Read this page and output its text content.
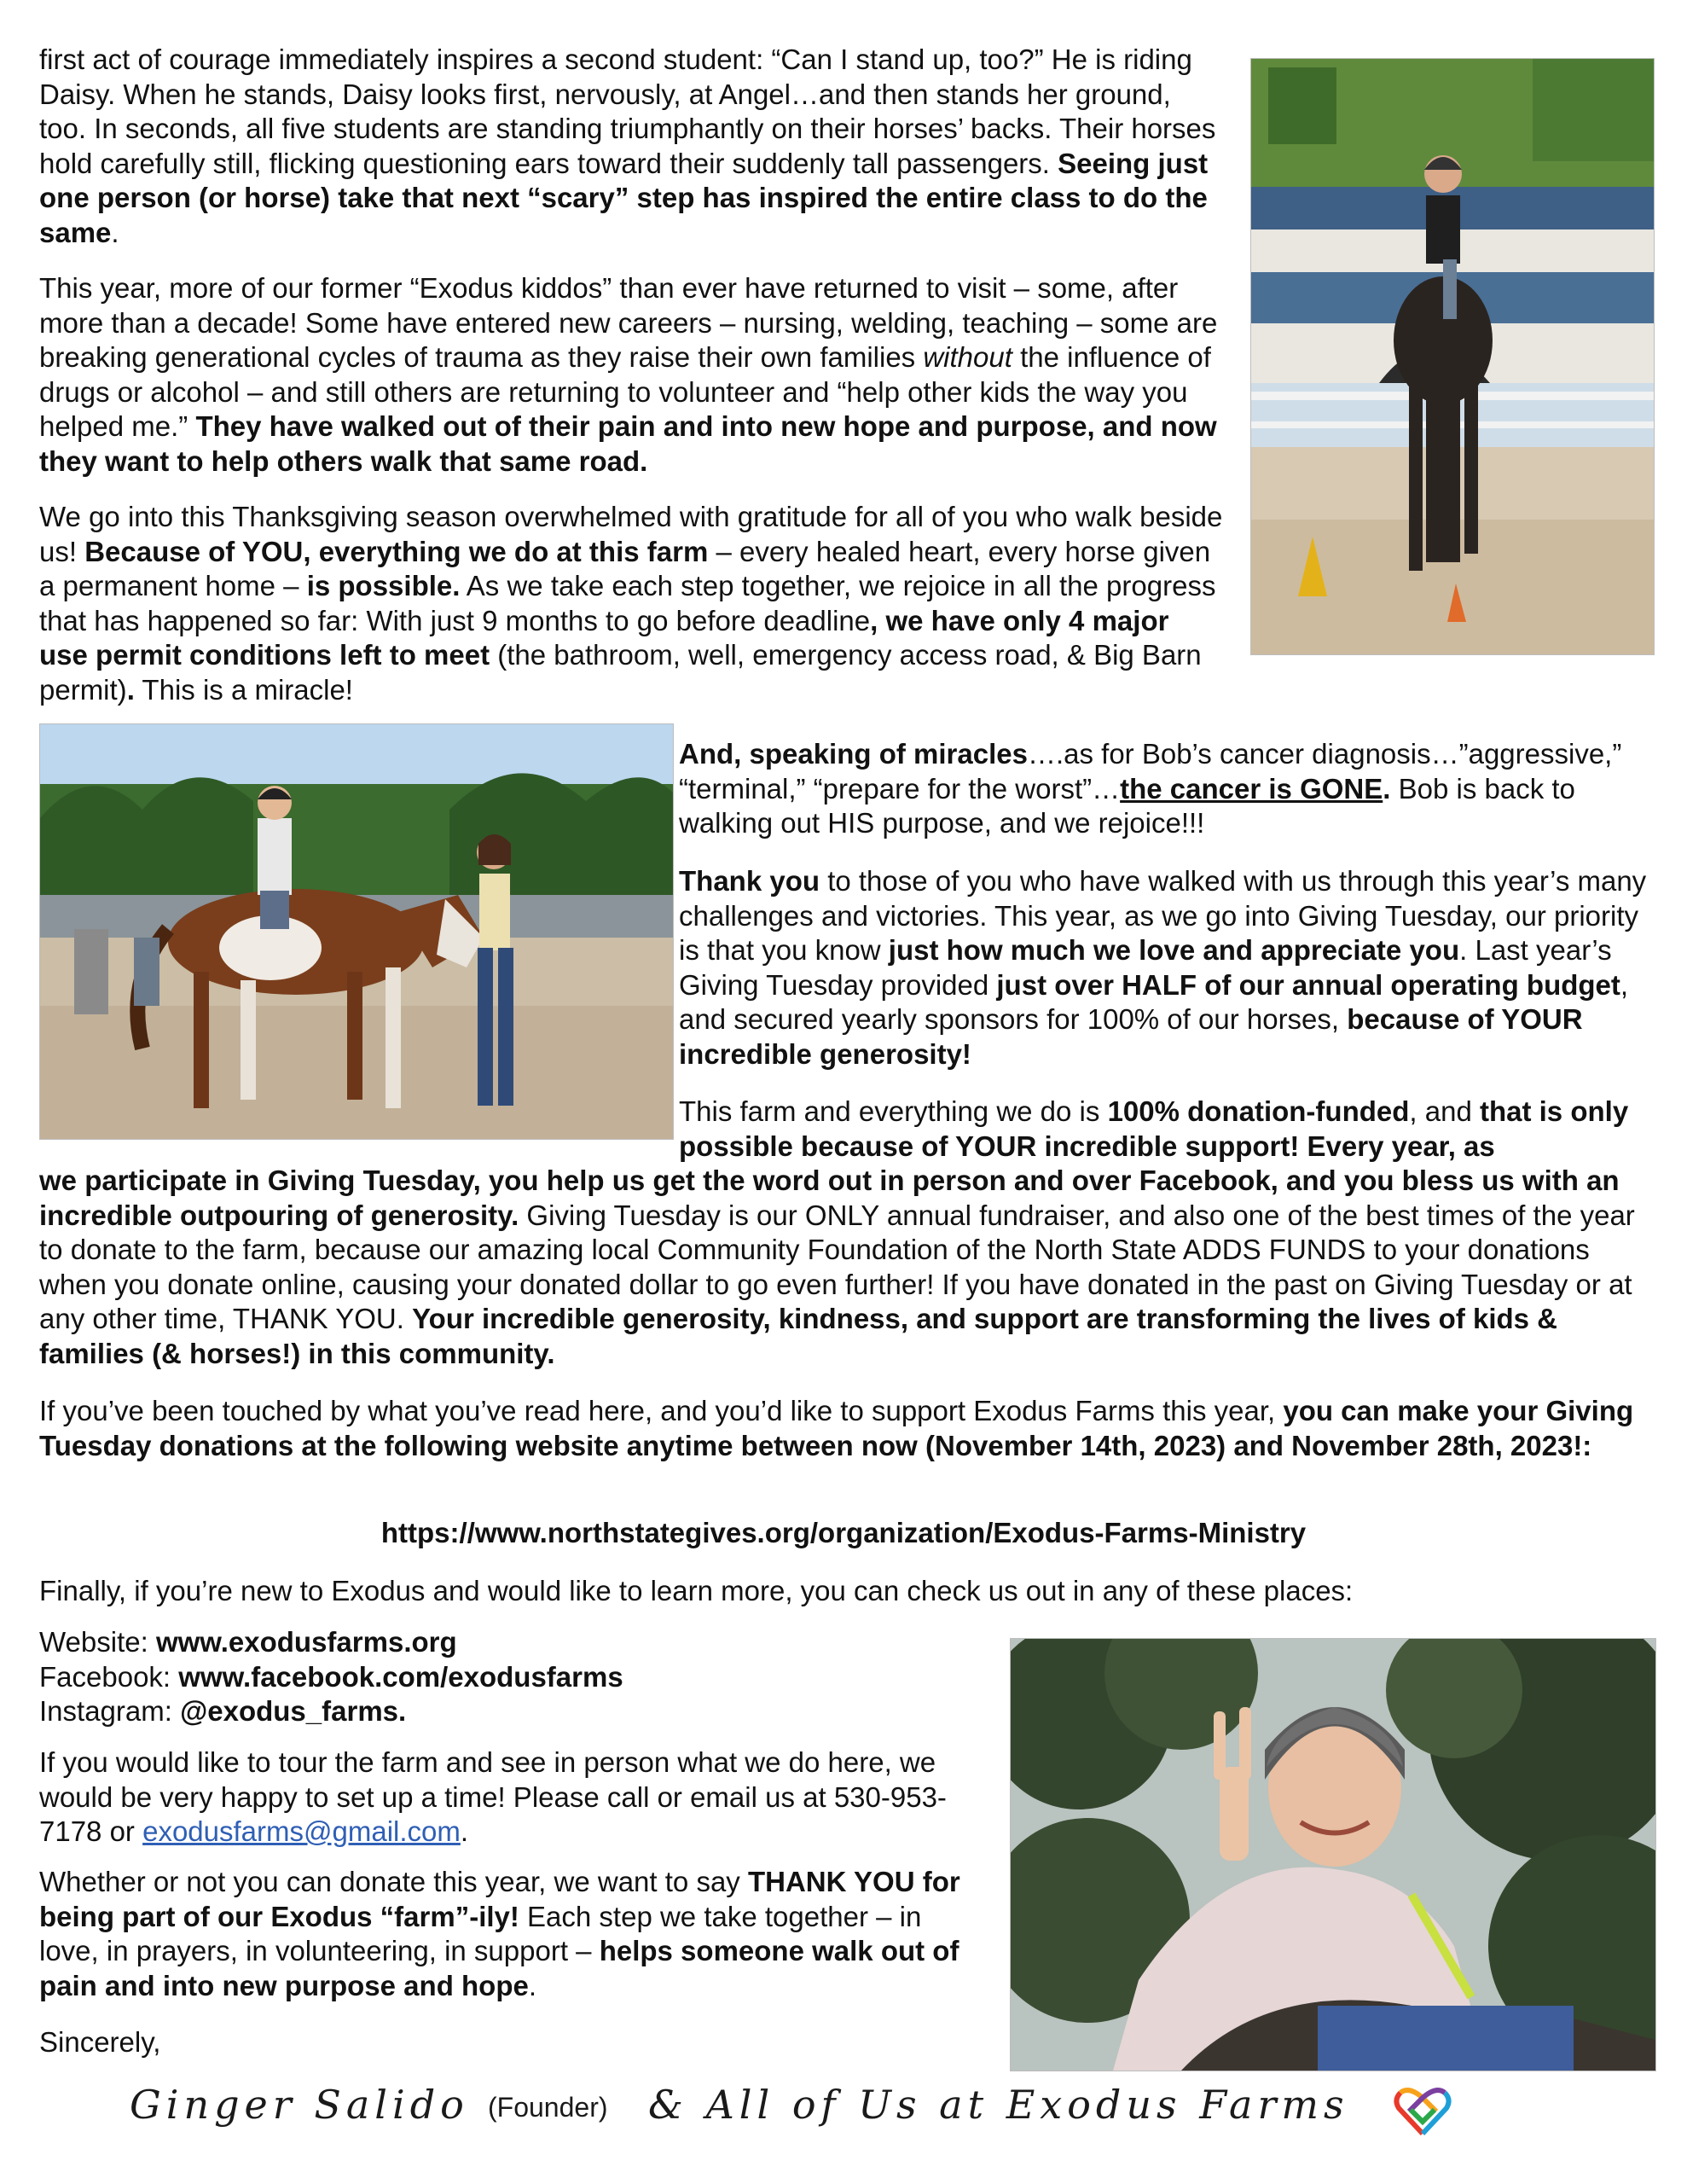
first act of courage immediately inspires a second student: “Can I stand up, too?” He is riding Daisy. When he stands, Daisy looks first, nervously, at Angel…and then stands her ground, too. In seconds, all five students are standing triumphantly on their horses’ backs. Their horses hold carefully still, flicking questioning ears toward their suddenly tall passengers. Seeing just one person (or horse) take that next “scary” step has inspired the entire class to do the same.
This year, more of our former “Exodus kiddos” than ever have returned to visit – some, after more than a decade! Some have entered new careers – nursing, welding, teaching – some are breaking generational cycles of trauma as they raise their own families without the influence of drugs or alcohol – and still others are returning to volunteer and “help other kids the way you helped me.” They have walked out of their pain and into new hope and purpose, and now they want to help others walk that same road.
We go into this Thanksgiving season overwhelmed with gratitude for all of you who walk beside us! Because of YOU, everything we do at this farm – every healed heart, every horse given a permanent home – is possible. As we take each step together, we rejoice in all the progress that has happened so far: With just 9 months to go before deadline, we have only 4 major use permit conditions left to meet (the bathroom, well, emergency access road, & Big Barn permit). This is a miracle!
And, speaking of miracles….as for Bob’s cancer diagnosis…”aggressive,” “terminal,” “prepare for the worst”…the cancer is GONE. Bob is back to walking out HIS purpose, and we rejoice!!!
Thank you to those of you who have walked with us through this year’s many challenges and victories. This year, as we go into Giving Tuesday, our priority is that you know just how much we love and appreciate you. Last year’s Giving Tuesday provided just over HALF of our annual operating budget, and secured yearly sponsors for 100% of our horses, because of YOUR incredible generosity!
This farm and everything we do is 100% donation-funded, and that is only possible because of YOUR incredible support! Every year, as
we participate in Giving Tuesday, you help us get the word out in person and over Facebook, and you bless us with an incredible outpouring of generosity. Giving Tuesday is our ONLY annual fundraiser, and also one of the best times of the year to donate to the farm, because our amazing local Community Foundation of the North State ADDS FUNDS to your donations when you donate online, causing your donated dollar to go even further! If you have donated in the past on Giving Tuesday or at any other time, THANK YOU. Your incredible generosity, kindness, and support are transforming the lives of kids & families (& horses!) in this community.
If you’ve been touched by what you’ve read here, and you’d like to support Exodus Farms this year, you can make your Giving Tuesday donations at the following website anytime between now (November 14th, 2023) and November 28th, 2023!:
https://www.northstategives.org/organization/Exodus-Farms-Ministry
Finally, if you’re new to Exodus and would like to learn more, you can check us out in any of these places:
Website: www.exodusfarms.org
Facebook: www.facebook.com/exodusfarms
Instagram: @exodus_farms.
If you would like to tour the farm and see in person what we do here, we would be very happy to set up a time! Please call or email us at 530-953-7178 or exodusfarms@gmail.com.
Whether or not you can donate this year, we want to say THANK YOU for being part of our Exodus “farm”-ily! Each step we take together – in love, in prayers, in volunteering, in support – helps someone walk out of pain and into new purpose and hope.
Sincerely,
Ginger Salido (Founder) & All of Us at Exodus Farms
